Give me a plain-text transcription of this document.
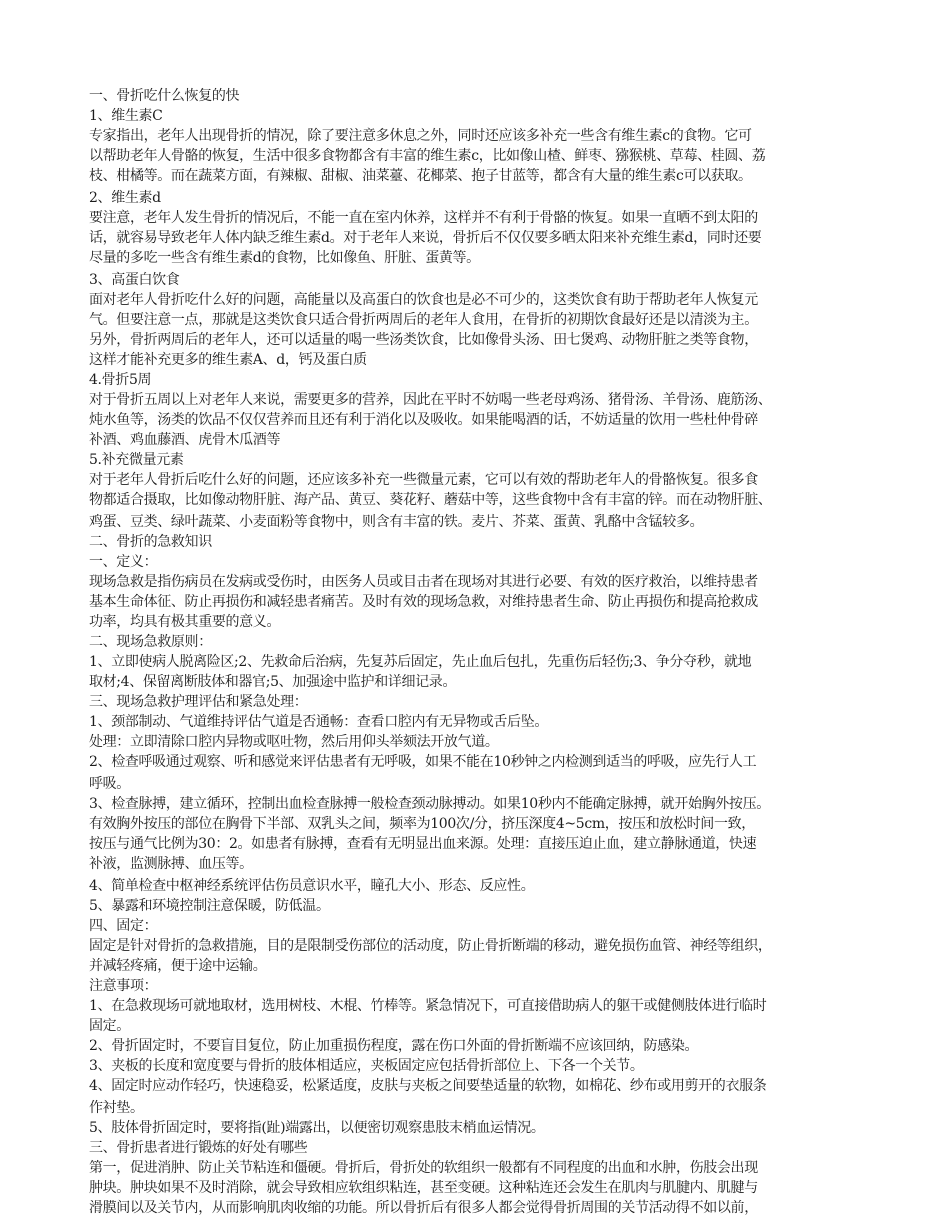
一、骨折吃什么恢复的快

1、维生素C

专家指出，老年人出现骨折的情况，除了要注意多休息之外，同时还应该多补充一些含有维生素c的食物。它可

以帮助老年人骨骼的恢复，生活中很多食物都含有丰富的维生素c，比如像山楂、鲜枣、猕猴桃、草莓、桂圆、荔

枝、柑橘等。而在蔬菜方面，有辣椒、甜椒、油菜薹、花椰菜、抱子甘蓝等，都含有大量的维生素c可以获取。

2、维生素d

要注意，老年人发生骨折的情况后，不能一直在室内休养，这样并不有利于骨骼的恢复。如果一直晒不到太阳的

话，就容易导致老年人体内缺乏维生素d。对于老年人来说，骨折后不仅仅要多晒太阳来补充维生素d，同时还要

尽量的多吃一些含有维生素d的食物，比如像鱼、肝脏、蛋黄等。

3、高蛋白饮食

面对老年人骨折吃什么好的问题，高能量以及高蛋白的饮食也是必不可少的，这类饮食有助于帮助老年人恢复元

气。但要注意一点，那就是这类饮食只适合骨折两周后的老年人食用，在骨折的初期饮食最好还是以清淡为主。

另外，骨折两周后的老年人，还可以适量的喝一些汤类饮食，比如像骨头汤、田七煲鸡、动物肝脏之类等食物，

这样才能补充更多的维生素A、d，钙及蛋白质

4.骨折5周

对于骨折五周以上对老年人来说，需要更多的营养，因此在平时不妨喝一些老母鸡汤、猪骨汤、羊骨汤、鹿筋汤、

炖水鱼等，汤类的饮品不仅仅营养而且还有利于消化以及吸收。如果能喝酒的话，不妨适量的饮用一些杜仲骨碎

补酒、鸡血藤酒、虎骨木瓜酒等

5.补充微量元素

对于老年人骨折后吃什么好的问题，还应该多补充一些微量元素，它可以有效的帮助老年人的骨骼恢复。很多食

物都适合摄取，比如像动物肝脏、海产品、黄豆、葵花籽、蘑菇中等，这些食物中含有丰富的锌。而在动物肝脏、

鸡蛋、豆类、绿叶蔬菜、小麦面粉等食物中，则含有丰富的铁。麦片、芥菜、蛋黄、乳酪中含锰较多。

二、骨折的急救知识

一、定义：

现场急救是指伤病员在发病或受伤时，由医务人员或目击者在现场对其进行必要、有效的医疗救治，以维持患者

基本生命体征、防止再损伤和减轻患者痛苦。及时有效的现场急救，对维持患者生命、防止再损伤和提高抢救成

功率，均具有极其重要的意义。

二、现场急救原则：

1、立即使病人脱离险区;2、先救命后治病，先复苏后固定，先止血后包扎，先重伤后轻伤;3、争分夺秒，就地

取材;4、保留离断肢体和器官;5、加强途中监护和详细记录。

三、现场急救护理评估和紧急处理：

1、颈部制动、气道维持评估气道是否通畅：查看口腔内有无异物或舌后坠。

处理：立即清除口腔内异物或呕吐物，然后用仰头举颏法开放气道。

2、检查呼吸通过观察、听和感觉来评估患者有无呼吸，如果不能在10秒钟之内检测到适当的呼吸，应先行人工

呼吸。

3、检查脉搏，建立循环，控制出血检查脉搏一般检查颈动脉搏动。如果10秒内不能确定脉搏，就开始胸外按压。

有效胸外按压的部位在胸骨下半部、双乳头之间，频率为100次/分，挤压深度4~5cm，按压和放松时间一致，

按压与通气比例为30：2。如患者有脉搏，查看有无明显出血来源。处理：直接压迫止血，建立静脉通道，快速

补液，监测脉搏、血压等。

4、简单检查中枢神经系统评估伤员意识水平，瞳孔大小、形态、反应性。

5、暴露和环境控制注意保暖，防低温。

四、固定：

固定是针对骨折的急救措施，目的是限制受伤部位的活动度，防止骨折断端的移动，避免损伤血管、神经等组织，

并减轻疼痛，便于途中运输。

注意事项：

1、在急救现场可就地取材，选用树枝、木棍、竹棒等。紧急情况下，可直接借助病人的躯干或健侧肢体进行临时

固定。

2、骨折固定时，不要盲目复位，防止加重损伤程度，露在伤口外面的骨折断端不应该回纳，防感染。

3、夹板的长度和宽度要与骨折的肢体相适应，夹板固定应包括骨折部位上、下各一个关节。

4、固定时应动作轻巧，快速稳妥，松紧适度，皮肤与夹板之间要垫适量的软物，如棉花、纱布或用剪开的衣服条

作衬垫。

5、肢体骨折固定时，要将指(趾)端露出，以便密切观察患肢末梢血运情况。

三、骨折患者进行锻炼的好处有哪些

第一，促进消肿、防止关节粘连和僵硬。骨折后，骨折处的软组织一般都有不同程度的出血和水肿，伤肢会出现

肿块。肿块如果不及时消除，就会导致相应软组织粘连，甚至变硬。这种粘连还会发生在肌肉与肌腱内、肌腱与

滑膜间以及关节内，从而影响肌肉收缩的功能。所以骨折后有很多人都会觉得骨折周围的关节活动得不如以前，
